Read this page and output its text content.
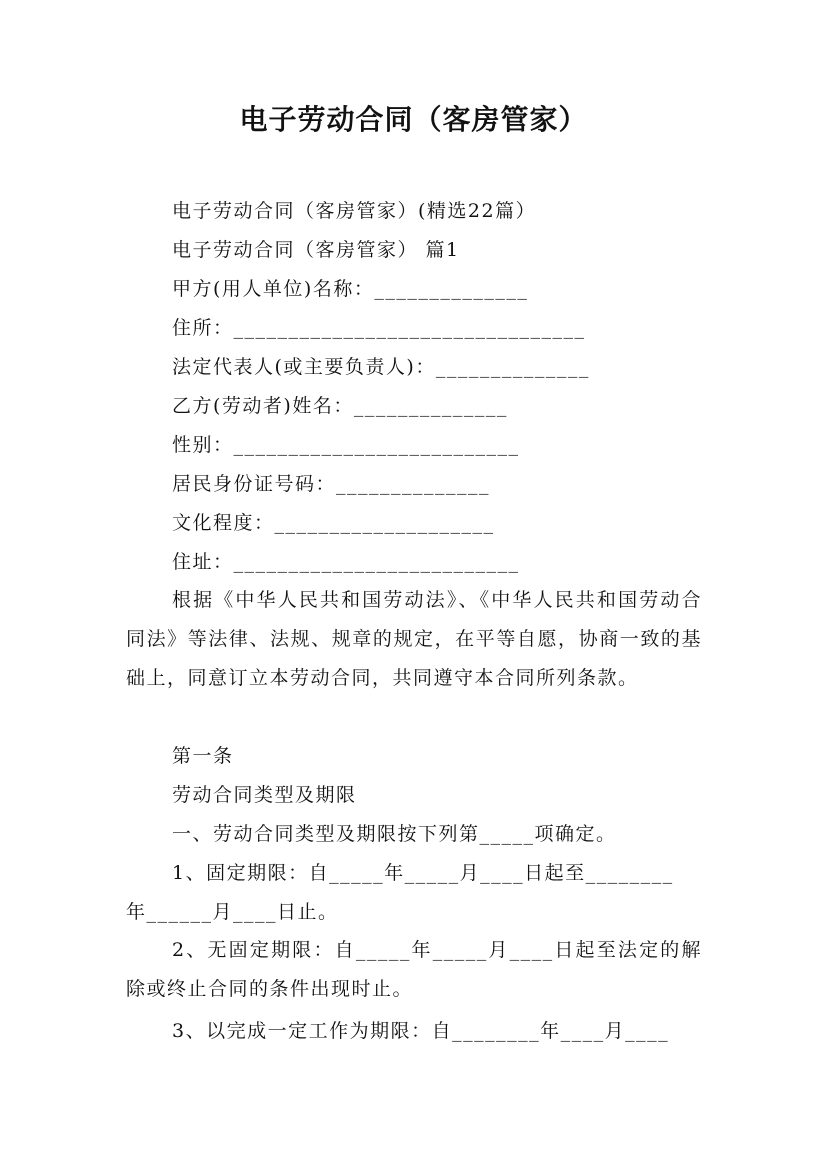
电子劳动合同（客房管家）
电子劳动合同（客房管家）(精选22篇）
电子劳动合同（客房管家） 篇1
甲方(用人单位)名称：______________
住所：________________________________
法定代表人(或主要负责人)：______________
乙方(劳动者)姓名：______________
性别：__________________________
居民身份证号码：______________
文化程度：____________________
住址：__________________________
根据《中华人民共和国劳动法》、《中华人民共和国劳动合同法》等法律、法规、规章的规定，在平等自愿，协商一致的基础上，同意订立本劳动合同，共同遵守本合同所列条款。
第一条
劳动合同类型及期限
一、劳动合同类型及期限按下列第_____项确定。
1、固定期限：自_____年_____月____日起至________
年______月____日止。
2、无固定期限：自_____年_____月____日起至法定的解除或终止合同的条件出现时止。
3、以完成一定工作为期限：自________年____月____
